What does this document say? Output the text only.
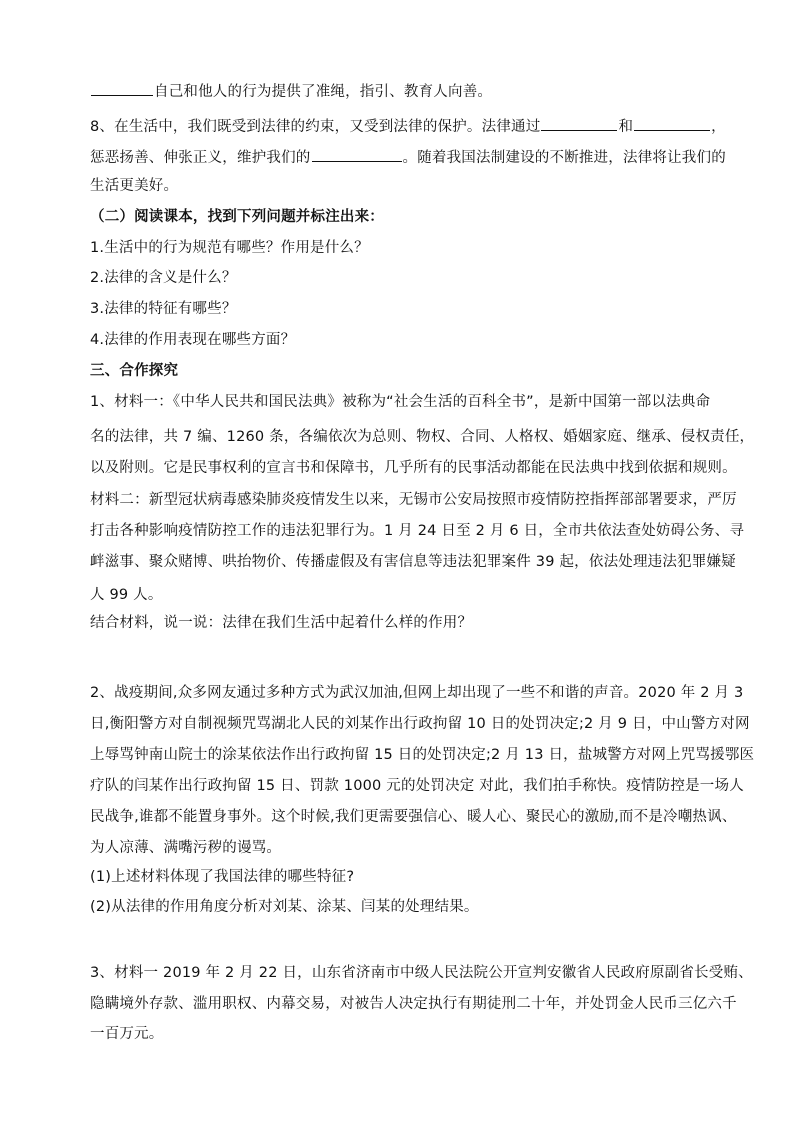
自己和他人的行为提供了准绳，指引、教育人向善。
8、在生活中，我们既受到法律的约束，又受到法律的保护。法律通过	和	，
惩恶扬善、伸张正义，维护我们的	。随着我国法制建设的不断推进，法律将让我们的
生活更美好。
（二）阅读课本，找到下列问题并标注出来：
1.生活中的行为规范有哪些？作用是什么？
2.法律的含义是什么？
3.法律的特征有哪些？
4.法律的作用表现在哪些方面？
三、合作探究
1、材料一：《中华人民共和国民法典》被称为“社会生活的百科全书”，是新中国第一部以法典命
名的法律，共 7 编、1260 条，各编依次为总则、物权、合同、人格权、婚姻家庭、继承、侵权责任，
以及附则。它是民事权利的宣言书和保障书，几乎所有的民事活动都能在民法典中找到依据和规则。
材料二：新型冠状病毒感染肺炎疫情发生以来，无锡市公安局按照市疫情防控指挥部部署要求，严厉
打击各种影响疫情防控工作的违法犯罪行为。1 月 24 日至 2 月 6 日，全市共依法查处妨碍公务、寻
衅滋事、聚众赌博、哄抬物价、传播虚假及有害信息等违法犯罪案件 39 起，依法处理违法犯罪嫌疑
人 99 人。
结合材料，说一说：法律在我们生活中起着什么样的作用？
2、战疫期间,众多网友通过多种方式为武汉加油,但网上却出现了一些不和谐的声音。2020 年 2 月 3
日,衡阳警方对自制视频咒骂湖北人民的刘某作出行政拘留 10 日的处罚决定;2 月 9 日，中山警方对网
上辱骂钟南山院士的涂某依法作出行政拘留 15 日的处罚决定;2 月 13 日，盐城警方对网上咒骂援鄂医
疗队的闫某作出行政拘留 15 日、罚款 1000 元的处罚决定 对此，我们拍手称快。疫情防控是一场人
民战争,谁都不能置身事外。这个时候,我们更需要强信心、暖人心、聚民心的激励,而不是冷嘲热讽、
为人凉薄、满嘴污秽的谩骂。
(1)上述材料体现了我国法律的哪些特征?
(2)从法律的作用角度分析对刘某、涂某、闫某的处理结果。
3、材料一 2019 年 2 月 22 日，山东省济南市中级人民法院公开宣判安徽省人民政府原副省长受贿、
隐瞒境外存款、滥用职权、内幕交易，对被告人决定执行有期徒刑二十年，并处罚金人民币三亿六千
一百万元。
